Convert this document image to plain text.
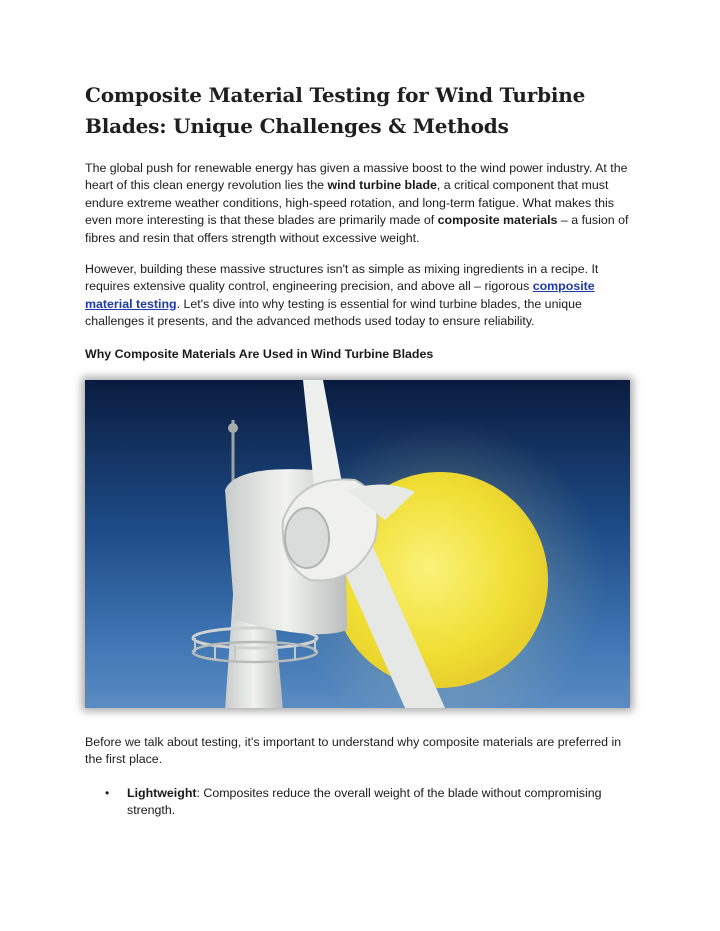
Composite Material Testing for Wind Turbine Blades: Unique Challenges & Methods

The global push for renewable energy has given a massive boost to the wind power industry. At the heart of this clean energy revolution lies the wind turbine blade, a critical component that must endure extreme weather conditions, high-speed rotation, and long-term fatigue. What makes this even more interesting is that these blades are primarily made of composite materials – a fusion of fibres and resin that offers strength without excessive weight.

However, building these massive structures isn't as simple as mixing ingredients in a recipe. It requires extensive quality control, engineering precision, and above all – rigorous composite material testing. Let's dive into why testing is essential for wind turbine blades, the unique challenges it presents, and the advanced methods used today to ensure reliability.

Why Composite Materials Are Used in Wind Turbine Blades

Before we talk about testing, it's important to understand why composite materials are preferred in the first place.

• Lightweight: Composites reduce the overall weight of the blade without compromising strength.
